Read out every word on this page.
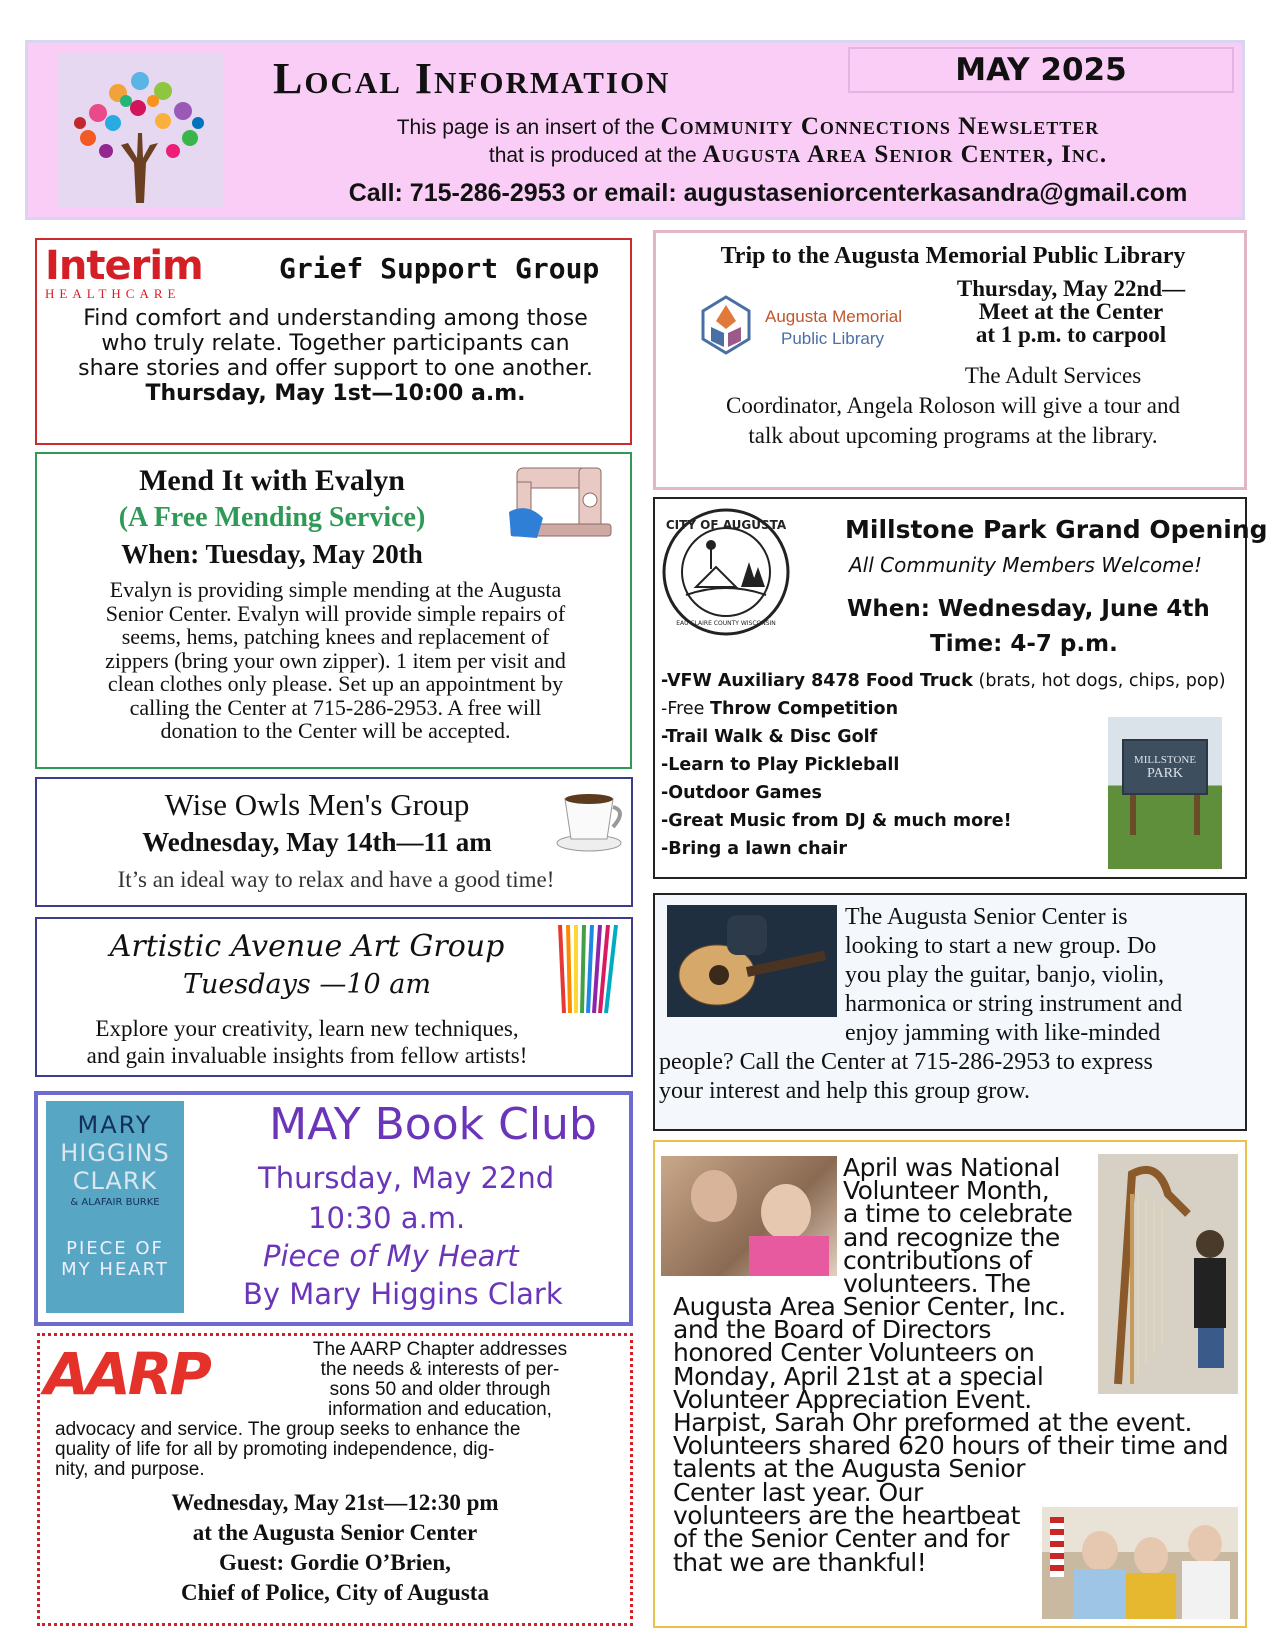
Local Information	MAY 2025
This page is an insert of the Community Connections Newsletter
that is produced at the Augusta Area Senior Center, Inc.
Call: 715-286-2953 or email: augustaseniorcenterkasandra@gmail.com
Interim
HEALTHCARE
Grief Support Group
Find comfort and understanding among those
who truly relate. Together participants can
share stories and offer support to one another.
Thursday, May 1st—10:00 a.m.
Mend It with Evalyn
(A Free Mending Service)
When: Tuesday, May 20th
Evalyn is providing simple mending at the Augusta
Senior Center. Evalyn will provide simple repairs of
seems, hems, patching knees and replacement of
zippers (bring your own zipper). 1 item per visit and
clean clothes only please. Set up an appointment by
calling the Center at 715-286-2953. A free will
donation to the Center will be accepted.
Wise Owls Men's Group
Wednesday, May 14th—11 am
It’s an ideal way to relax and have a good time!
Artistic Avenue Art Group
Tuesdays —10 am
Explore your creativity, learn new techniques,
and gain invaluable insights from fellow artists!
MARY
HIGGINS
CLARK
& ALAFAIR BURKE
PIECE OF
MY HEART
MAY Book Club
Thursday, May 22nd
10:30 a.m.
Piece of My Heart
By Mary Higgins Clark
AARP	The AARP Chapter addresses
the needs & interests of per-
sons 50 and older through
information and education,
advocacy and service. The group seeks to enhance the
quality of life for all by promoting independence, dig-
nity, and purpose.
Wednesday, May 21st—12:30 pm
at the Augusta Senior Center
Guest: Gordie O’Brien,
Chief of Police, City of Augusta
Trip to the Augusta Memorial Public Library
Augusta Memorial
Public Library
Thursday, May 22nd—
Meet at the Center
at 1 p.m. to carpool
The Adult Services
Coordinator, Angela Roloson will give a tour and
talk about upcoming programs at the library.
CITY OF AUGUSTA
EAU CLAIRE COUNTY WISCONSIN
Millstone Park Grand Opening
All Community Members Welcome!
When: Wednesday, June 4th
Time: 4-7 p.m.
-VFW Auxiliary 8478 Food Truck (brats, hot dogs, chips, pop)
-Free Throw Competition
-Trail Walk & Disc Golf
-Learn to Play Pickleball
-Outdoor Games
-Great Music from DJ & much more!
-Bring a lawn chair
MILLSTONE
PARK
The Augusta Senior Center is
looking to start a new group. Do
you play the guitar, banjo, violin,
harmonica or string instrument and
enjoy jamming with like-minded
people? Call the Center at 715-286-2953 to express
your interest and help this group grow.
April was National
Volunteer Month,
a time to celebrate
and recognize the
contributions of
volunteers. The
Augusta Area Senior Center, Inc.
and the Board of Directors
honored Center Volunteers on
Monday, April 21st at a special
Volunteer Appreciation Event.
Harpist, Sarah Ohr preformed at the event.
Volunteers shared 620 hours of their time and
talents at the Augusta Senior
Center last year. Our
volunteers are the heartbeat
of the Senior Center and for
that we are thankful!
